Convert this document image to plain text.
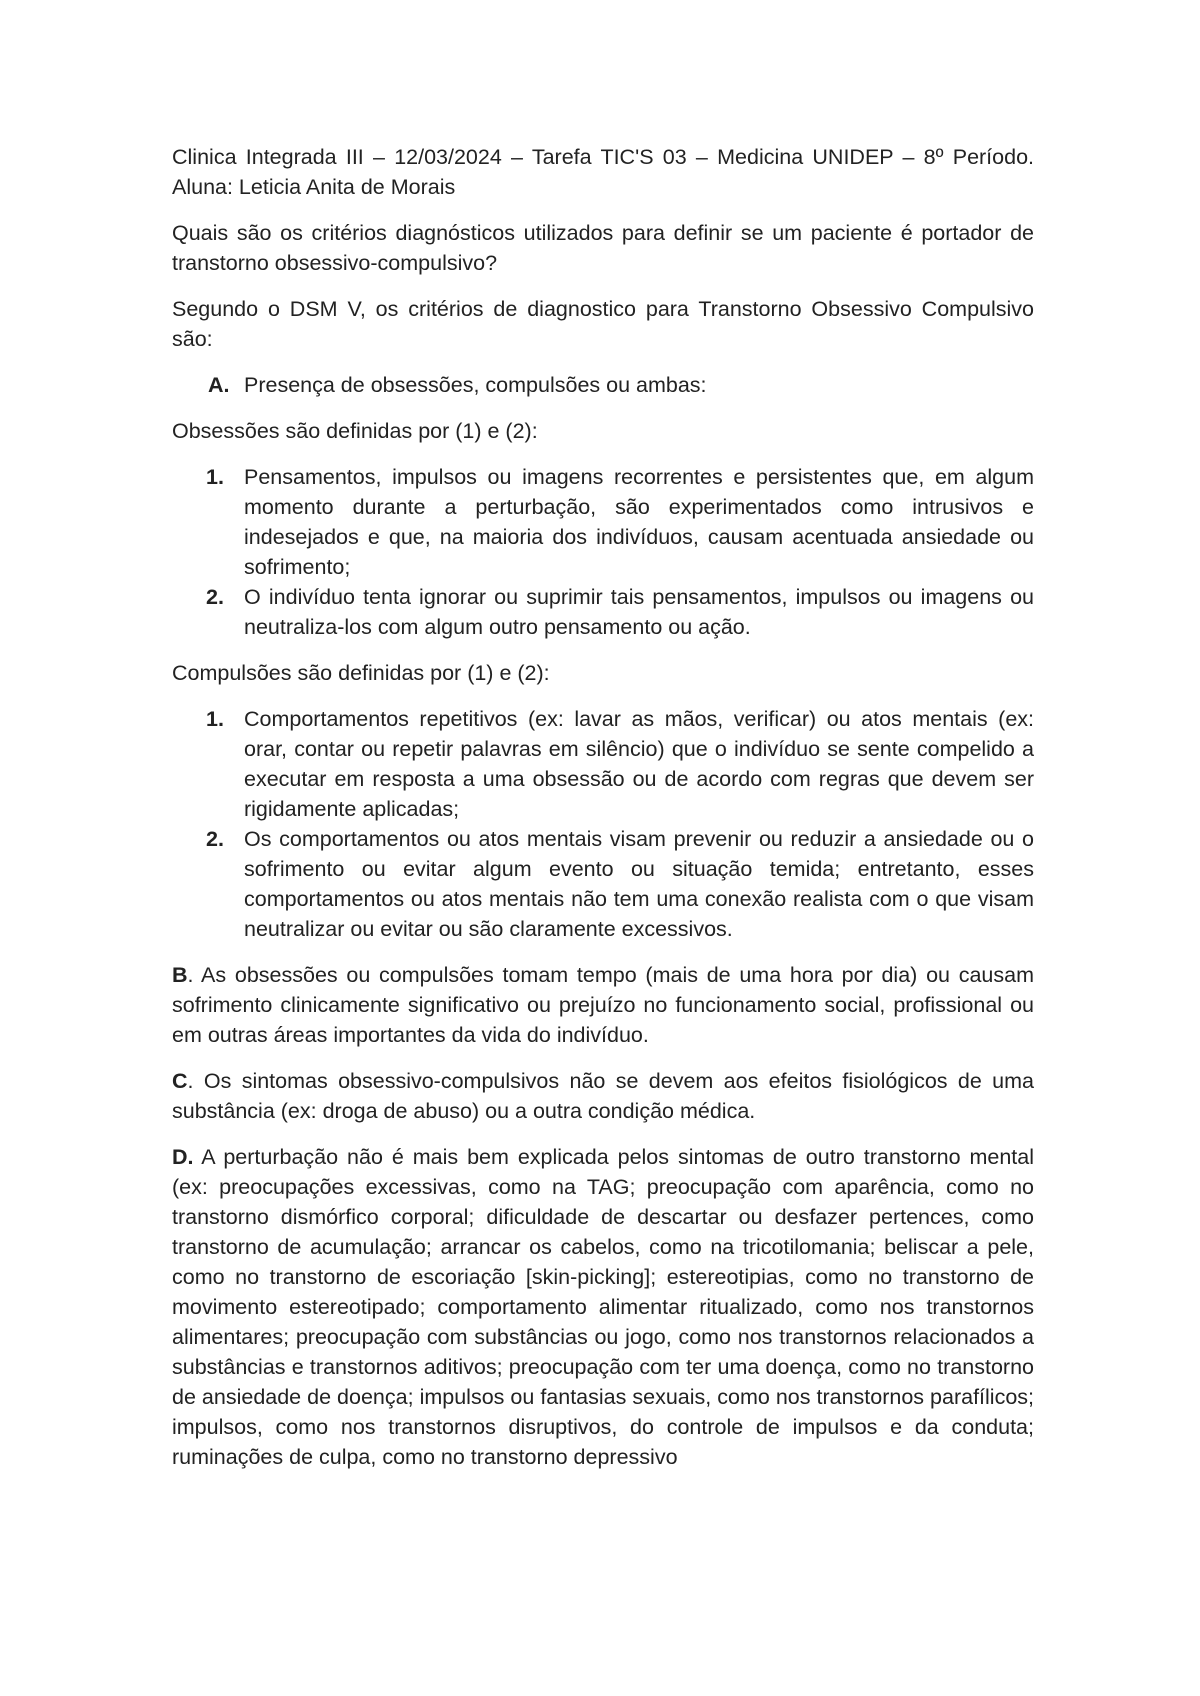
Clinica Integrada III – 12/03/2024 – Tarefa TIC'S 03 – Medicina UNIDEP – 8º Período. Aluna: Leticia Anita de Morais

Quais são os critérios diagnósticos utilizados para definir se um paciente é portador de transtorno obsessivo-compulsivo?

Segundo o DSM V, os critérios de diagnostico para Transtorno Obsessivo Compulsivo são:

A. Presença de obsessões, compulsões ou ambas:

Obsessões são definidas por (1) e (2):

1. Pensamentos, impulsos ou imagens recorrentes e persistentes que, em algum momento durante a perturbação, são experimentados como intrusivos e indesejados e que, na maioria dos indivíduos, causam acentuada ansiedade ou sofrimento;
2. O indivíduo tenta ignorar ou suprimir tais pensamentos, impulsos ou imagens ou neutraliza-los com algum outro pensamento ou ação.

Compulsões são definidas por (1) e (2):

1. Comportamentos repetitivos (ex: lavar as mãos, verificar) ou atos mentais (ex: orar, contar ou repetir palavras em silêncio) que o indivíduo se sente compelido a executar em resposta a uma obsessão ou de acordo com regras que devem ser rigidamente aplicadas;
2. Os comportamentos ou atos mentais visam prevenir ou reduzir a ansiedade ou o sofrimento ou evitar algum evento ou situação temida; entretanto, esses comportamentos ou atos mentais não tem uma conexão realista com o que visam neutralizar ou evitar ou são claramente excessivos.

B. As obsessões ou compulsões tomam tempo (mais de uma hora por dia) ou causam sofrimento clinicamente significativo ou prejuízo no funcionamento social, profissional ou em outras áreas importantes da vida do indivíduo.

C. Os sintomas obsessivo-compulsivos não se devem aos efeitos fisiológicos de uma substância (ex: droga de abuso) ou a outra condição médica.

D. A perturbação não é mais bem explicada pelos sintomas de outro transtorno mental (ex: preocupações excessivas, como na TAG; preocupação com aparência, como no transtorno dismórfico corporal; dificuldade de descartar ou desfazer pertences, como transtorno de acumulação; arrancar os cabelos, como na tricotilomania; beliscar a pele, como no transtorno de escoriação [skin-picking]; estereotipias, como no transtorno de movimento estereotipado; comportamento alimentar ritualizado, como nos transtornos alimentares; preocupação com substâncias ou jogo, como nos transtornos relacionados a substâncias e transtornos aditivos; preocupação com ter uma doença, como no transtorno de ansiedade de doença; impulsos ou fantasias sexuais, como nos transtornos parafílicos; impulsos, como nos transtornos disruptivos, do controle de impulsos e da conduta; ruminações de culpa, como no transtorno depressivo
